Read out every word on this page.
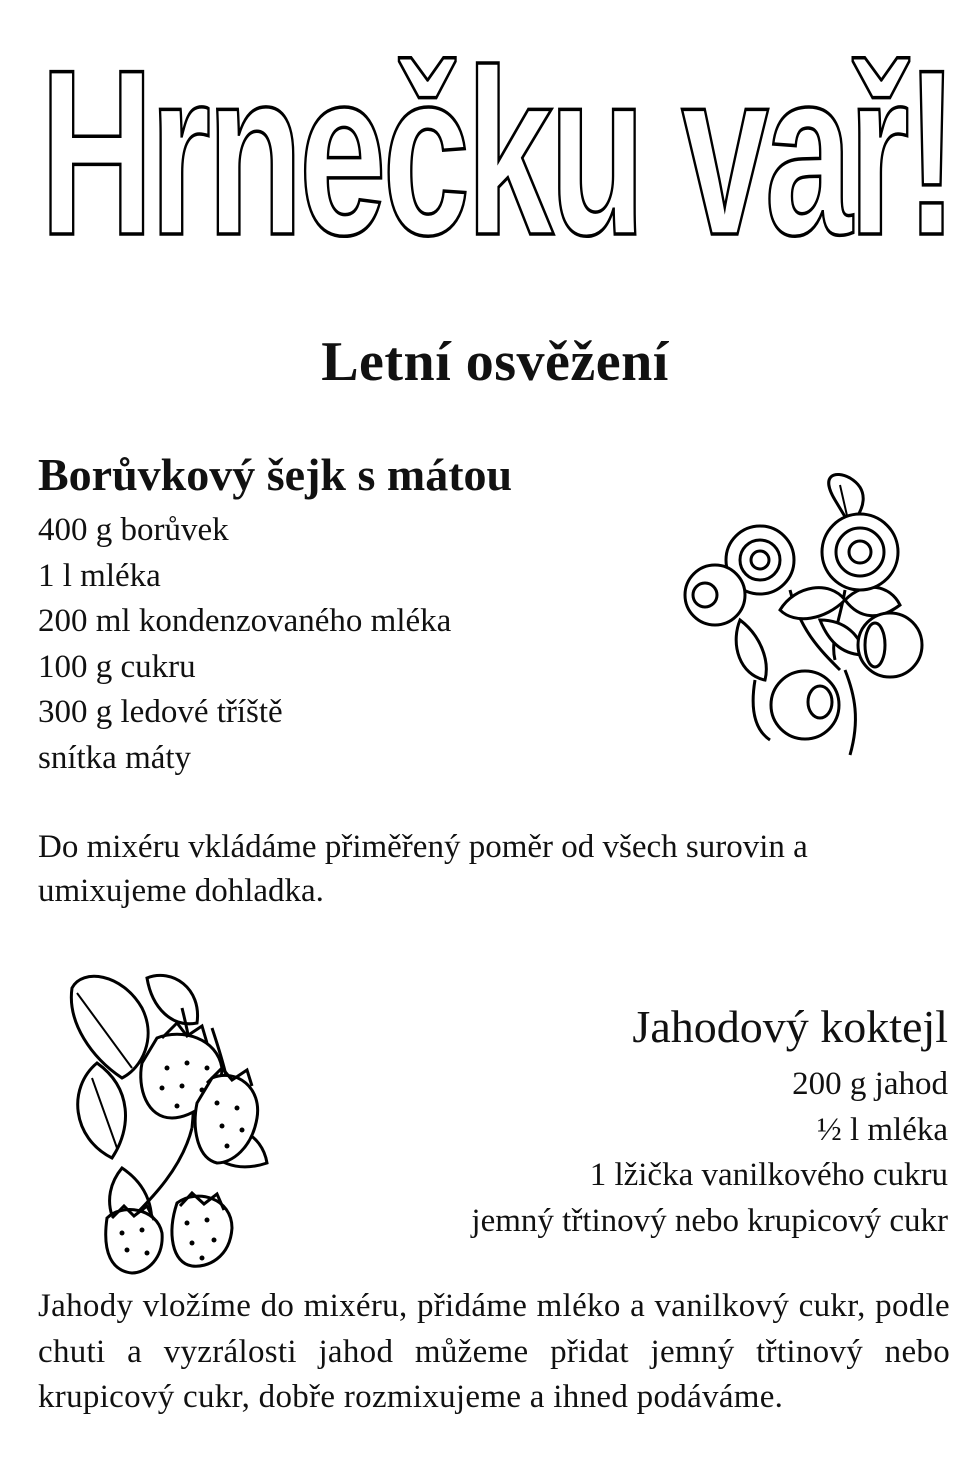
Hrnečku vař!
Letní osvěžení
Borůvkový šejk s mátou
400 g borůvek
1 l mléka
200 ml kondenzovaného mléka
100 g cukru
300 g ledové tříště
snítka máty

Do mixéru vkládáme přiměřený poměr od všech surovin a umixujeme dohladka.

Jahodový koktejl
200 g jahod
½ l mléka
1 lžička vanilkového cukru
jemný třtinový nebo krupicový cukr

Jahody vložíme do mixéru, přidáme mléko a vanilkový cukr, podle chuti a vyzrálosti jahod můžeme přidat jemný třtinový nebo krupicový cukr, dobře rozmixujeme a ihned podáváme.
